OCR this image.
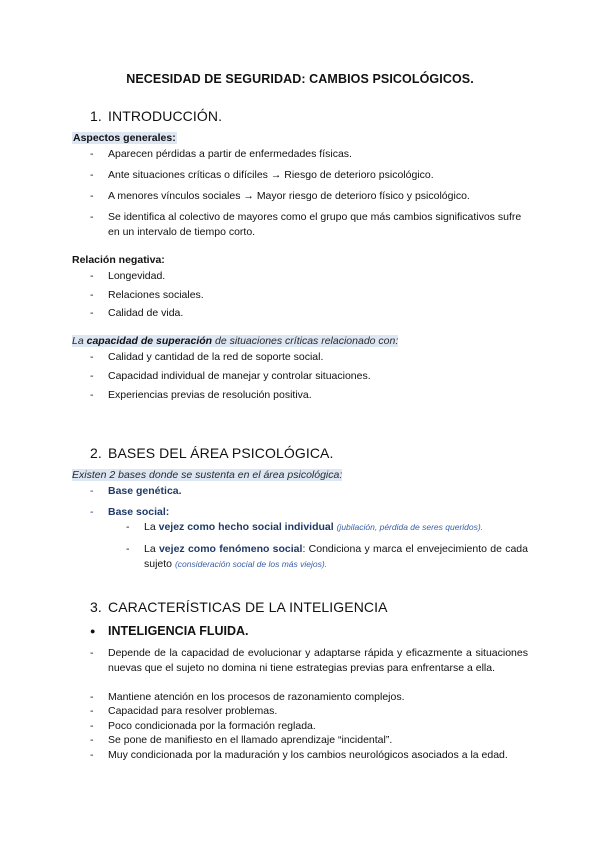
NECESIDAD DE SEGURIDAD: CAMBIOS PSICOLÓGICOS.
1. INTRODUCCIÓN.
Aspectos generales:
- Aparecen pérdidas a partir de enfermedades físicas.
- Ante situaciones críticas o difíciles → Riesgo de deterioro psicológico.
- A menores vínculos sociales → Mayor riesgo de deterioro físico y psicológico.
- Se identifica al colectivo de mayores como el grupo que más cambios significativos sufre en un intervalo de tiempo corto.
Relación negativa:
- Longevidad.
- Relaciones sociales.
- Calidad de vida.
La capacidad de superación de situaciones críticas relacionado con:
- Calidad y cantidad de la red de soporte social.
- Capacidad individual de manejar y controlar situaciones.
- Experiencias previas de resolución positiva.
2. BASES DEL ÁREA PSICOLÓGICA.
Existen 2 bases donde se sustenta en el área psicológica:
- Base genética.
- Base social:
- La vejez como hecho social individual (jubilación, pérdida de seres queridos).
- La vejez como fenómeno social: Condiciona y marca el envejecimiento de cada sujeto (consideración social de los más viejos).
3. CARACTERÍSTICAS DE LA INTELIGENCIA
● INTELIGENCIA FLUIDA.
- Depende de la capacidad de evolucionar y adaptarse rápida y eficazmente a situaciones nuevas que el sujeto no domina ni tiene estrategias previas para enfrentarse a ella.
- Mantiene atención en los procesos de razonamiento complejos.
- Capacidad para resolver problemas.
- Poco condicionada por la formación reglada.
- Se pone de manifiesto en el llamado aprendizaje “incidental”.
- Muy condicionada por la maduración y los cambios neurológicos asociados a la edad.
